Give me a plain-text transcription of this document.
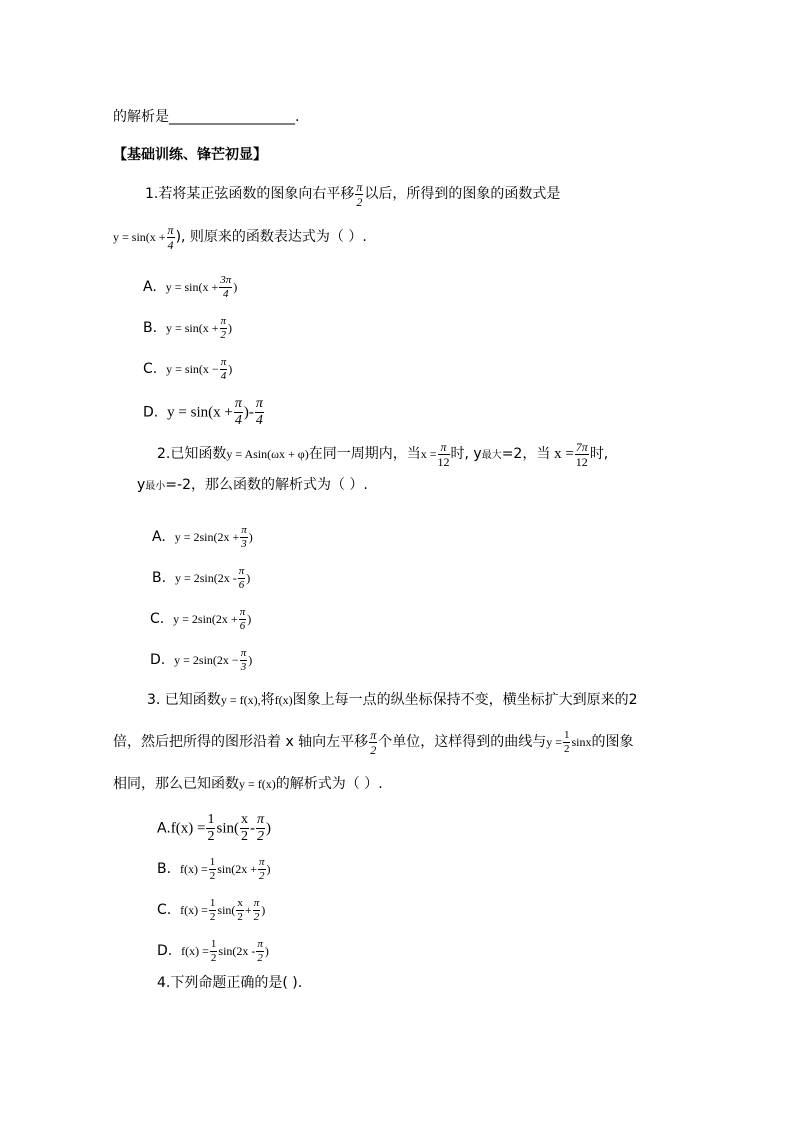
的解析是__________________.
【基础训练、锋芒初显】
1.若将某正弦函数的图象向右平移 $\frac{\pi}{2}$ 以后，所得到的图象的函数式是
$y = \sin(x + \frac{\pi}{4}$ ), 则原来的函数表达式为（ ）.
A. $y = \sin(x + \frac{3\pi}{4}$ )
B. $y = \sin(x + \frac{\pi}{2}$ )
C. $y = \sin(x - \frac{\pi}{4}$ )
D. $y = \sin(x + \frac{\pi}{4}$ )- $\frac{\pi}{4}$
2.已知函数y = Asin(ωx + φ)在同一周期内，当$x = \frac{\pi}{12}$ 时, y最大=2，当 $x = \frac{7\pi}{12}$ 时,
y最小=-2，那么函数的解析式为（ ）.
A. $y = 2\sin(2x + \frac{\pi}{3}$ )
B. $y = 2\sin(2x - \frac{\pi}{6}$ )
C. $y = 2\sin(2x + \frac{\pi}{6}$ )
D. $y = 2\sin(2x - \frac{\pi}{3}$ )
3. 已知函数y = f(x),将f(x)图象上每一点的纵坐标保持不变，横坐标扩大到原来的2
倍，然后把所得的图形沿着 x 轴向左平移 $\frac{\pi}{2}$ 个单位，这样得到的曲线与$y = \frac{1}{2}$ sinx的图象
相同，那么已知函数y = f(x)的解析式为（ ）.
$A.f(x) = \frac{1}{2} \sin( \frac{x}{2} - \frac{\pi}{2}$ )
B. $f(x) = \frac{1}{2} \sin(2x + \frac{\pi}{2}$ )
C. $f(x) = \frac{1}{2} \sin( \frac{x}{2} + \frac{\pi}{2}$ )
D. $f(x) = \frac{1}{2} \sin(2x - \frac{\pi}{2}$ )
4.下列命题正确的是( ).
